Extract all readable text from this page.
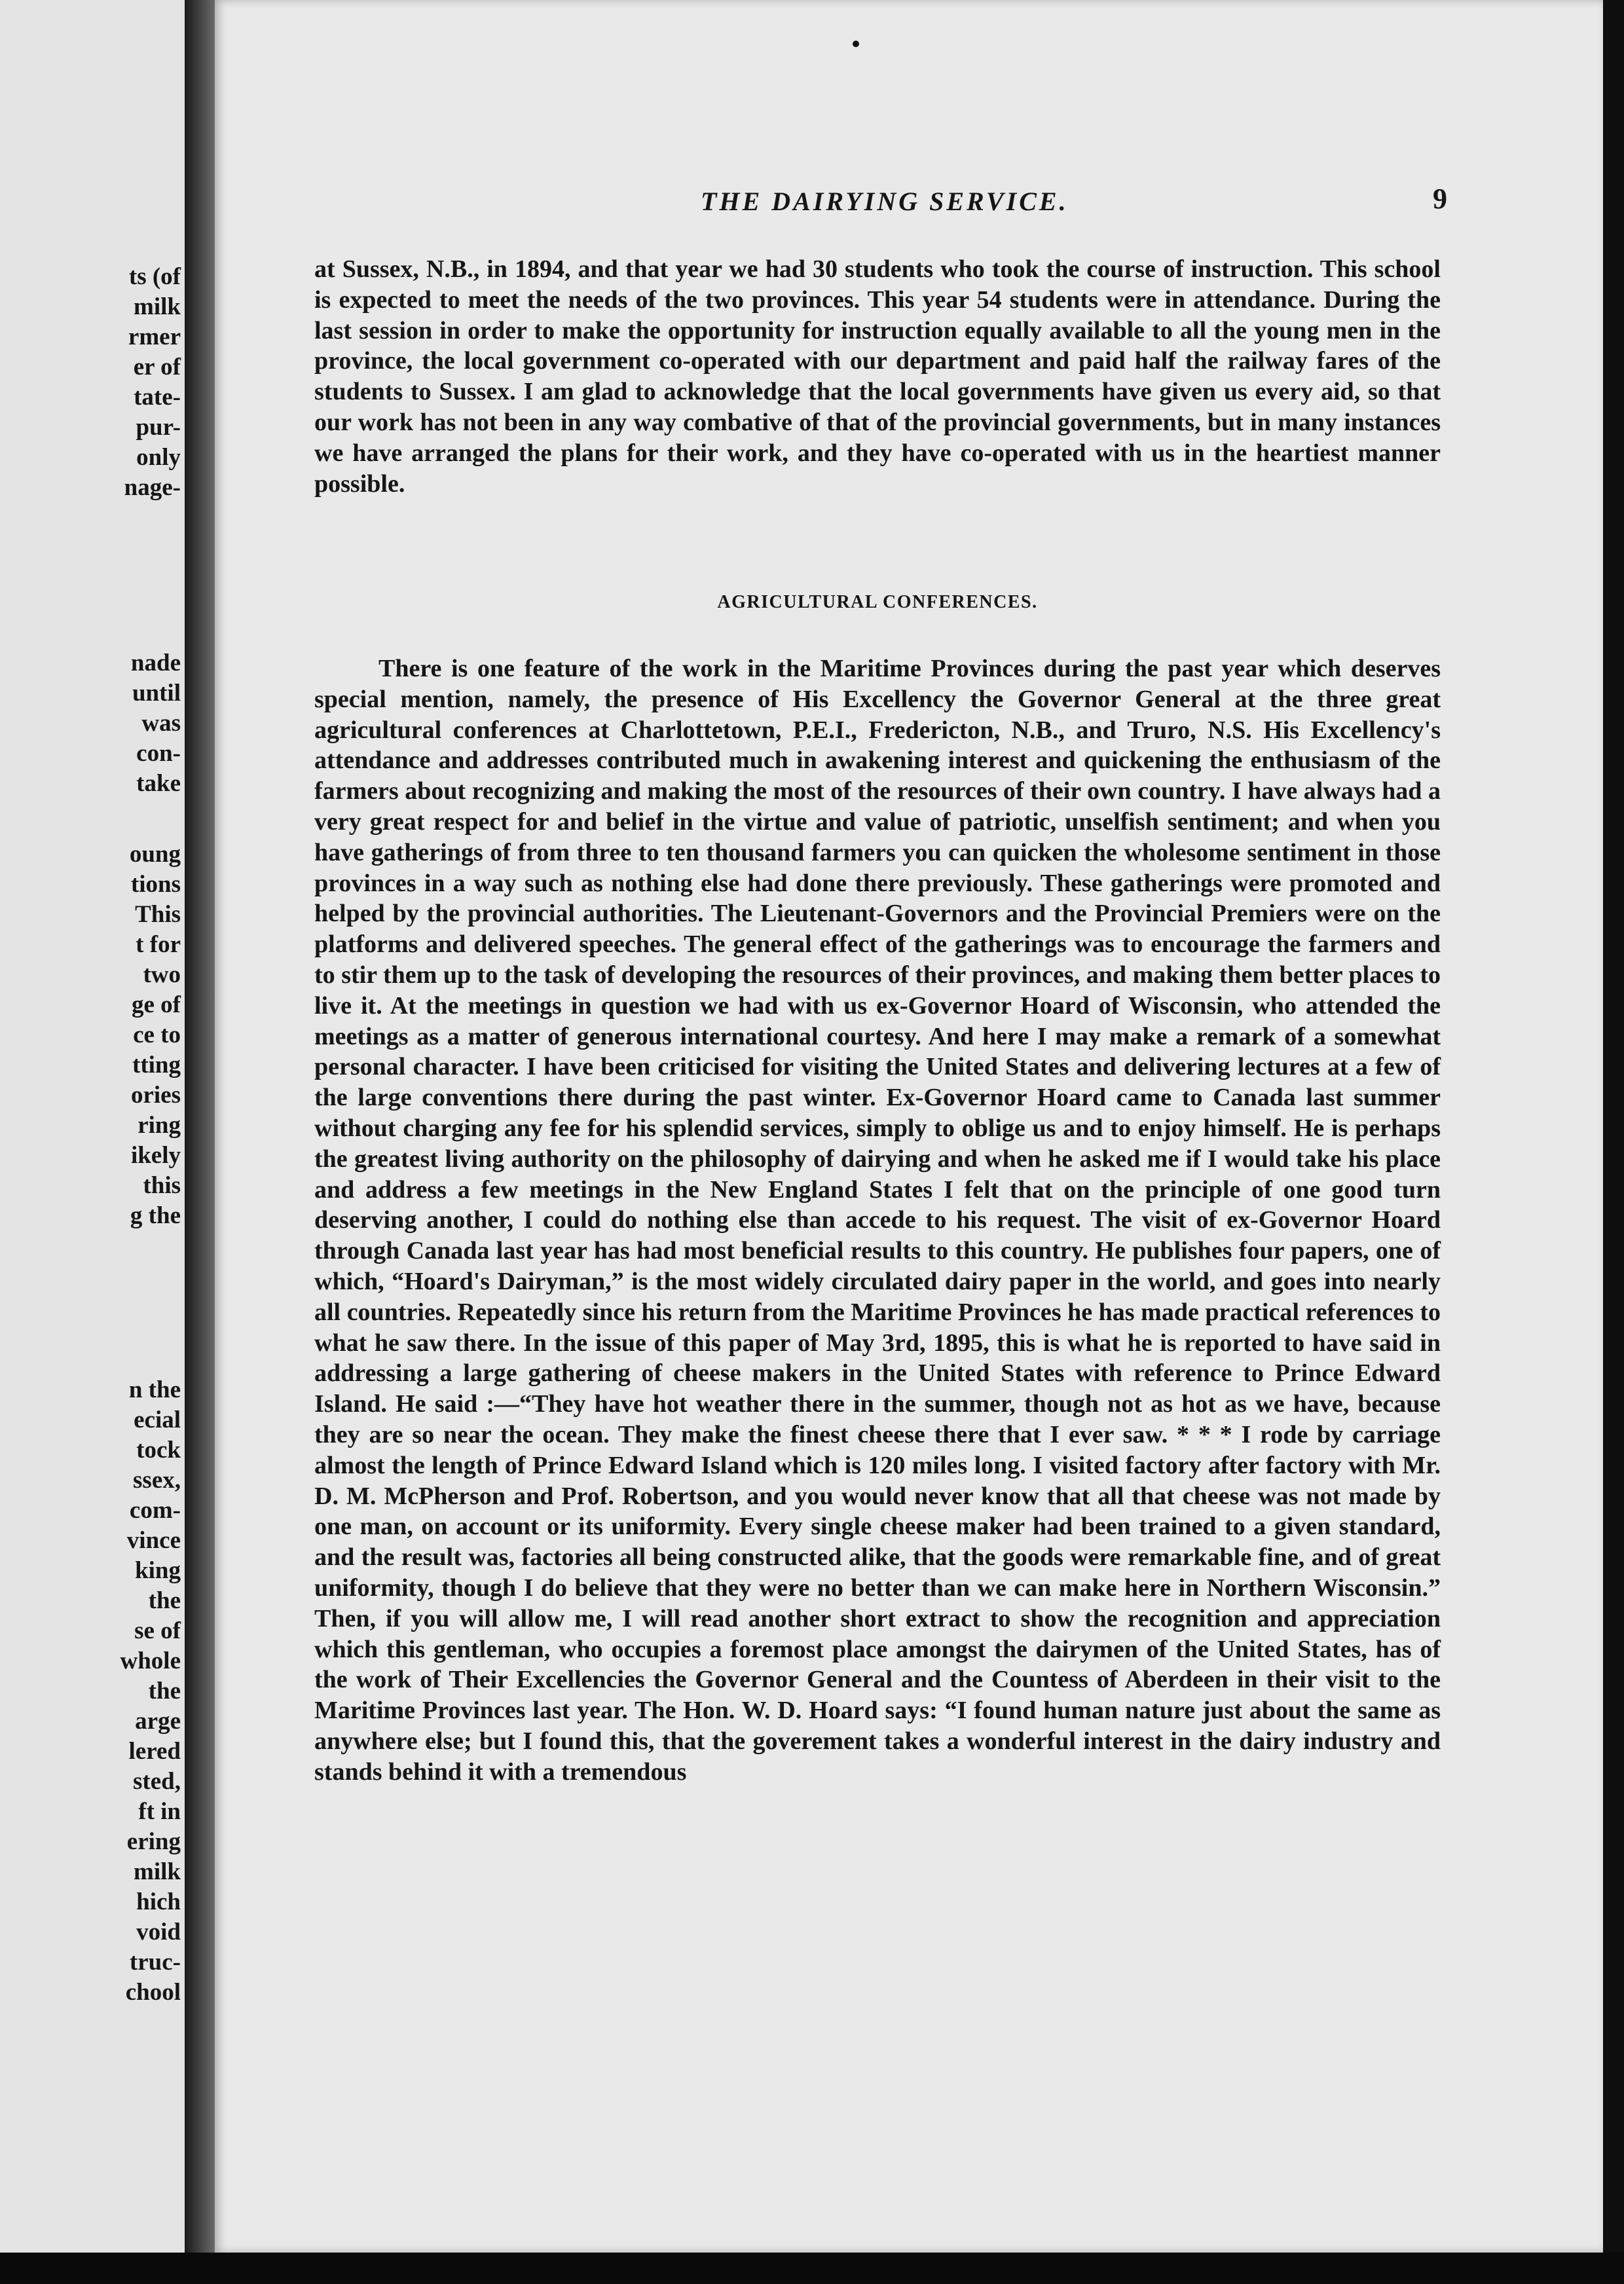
ts (of

milk

rmer

er of

tate-

pur-

only

nage-

nade

until

was

con-

take

oung

tions

This

t for

two

ge of

ce to

tting

ories

ring

ikely

this

g the

n the

ecial

tock

ssex,

com-

vince

king

the

se of

whole

the

arge

lered

sted,

ft in

ering

milk

hich

void

truc-

chool

THE DAIRYING SERVICE.	9

at Sussex, N.B., in 1894, and that year we had 30 students who took the course of instruction. This school is expected to meet the needs of the two provinces. This year 54 students were in attendance. During the last session in order to make the opportunity for instruction equally available to all the young men in the province, the local government co-operated with our department and paid half the railway fares of the students to Sussex. I am glad to acknowledge that the local governments have given us every aid, so that our work has not been in any way combative of that of the provincial governments, but in many instances we have arranged the plans for their work, and they have co-operated with us in the heartiest manner possible.

AGRICULTURAL CONFERENCES.

There is one feature of the work in the Maritime Provinces during the past year which deserves special mention, namely, the presence of His Excellency the Governor General at the three great agricultural conferences at Charlottetown, P.E.I., Fredericton, N.B., and Truro, N.S. His Excellency's attendance and addresses contributed much in awakening interest and quickening the enthusiasm of the farmers about recognizing and making the most of the resources of their own country. I have always had a very great respect for and belief in the virtue and value of patriotic, unselfish sentiment; and when you have gatherings of from three to ten thousand farmers you can quicken the wholesome sentiment in those provinces in a way such as nothing else had done there previously. These gatherings were promoted and helped by the provincial authorities. The Lieutenant-Governors and the Provincial Premiers were on the platforms and delivered speeches. The general effect of the gatherings was to encourage the farmers and to stir them up to the task of developing the resources of their provinces, and making them better places to live it. At the meetings in question we had with us ex-Governor Hoard of Wisconsin, who attended the meetings as a matter of generous international courtesy. And here I may make a remark of a somewhat personal character. I have been criticised for visiting the United States and delivering lectures at a few of the large conventions there during the past winter. Ex-Governor Hoard came to Canada last summer without charging any fee for his splendid services, simply to oblige us and to enjoy himself. He is perhaps the greatest living authority on the philosophy of dairying and when he asked me if I would take his place and address a few meetings in the New England States I felt that on the principle of one good turn deserving another, I could do nothing else than accede to his request. The visit of ex-Governor Hoard through Canada last year has had most beneficial results to this country. He publishes four papers, one of which, “Hoard's Dairyman,” is the most widely circulated dairy paper in the world, and goes into nearly all countries. Repeatedly since his return from the Maritime Provinces he has made practical references to what he saw there. In the issue of this paper of May 3rd, 1895, this is what he is reported to have said in addressing a large gathering of cheese makers in the United States with reference to Prince Edward Island. He said :—“They have hot weather there in the summer, though not as hot as we have, because they are so near the ocean. They make the finest cheese there that I ever saw. * * * I rode by carriage almost the length of Prince Edward Island which is 120 miles long. I visited factory after factory with Mr. D. M. McPherson and Prof. Robertson, and you would never know that all that cheese was not made by one man, on account or its uniformity. Every single cheese maker had been trained to a given standard, and the result was, factories all being constructed alike, that the goods were remarkable fine, and of great uniformity, though I do believe that they were no better than we can make here in Northern Wisconsin.” Then, if you will allow me, I will read another short extract to show the recognition and appreciation which this gentleman, who occupies a foremost place amongst the dairymen of the United States, has of the work of Their Excellencies the Governor General and the Countess of Aberdeen in their visit to the Maritime Provinces last year. The Hon. W. D. Hoard says: “I found human nature just about the same as anywhere else; but I found this, that the goverement takes a wonderful interest in the dairy industry and stands behind it with a tremendous
